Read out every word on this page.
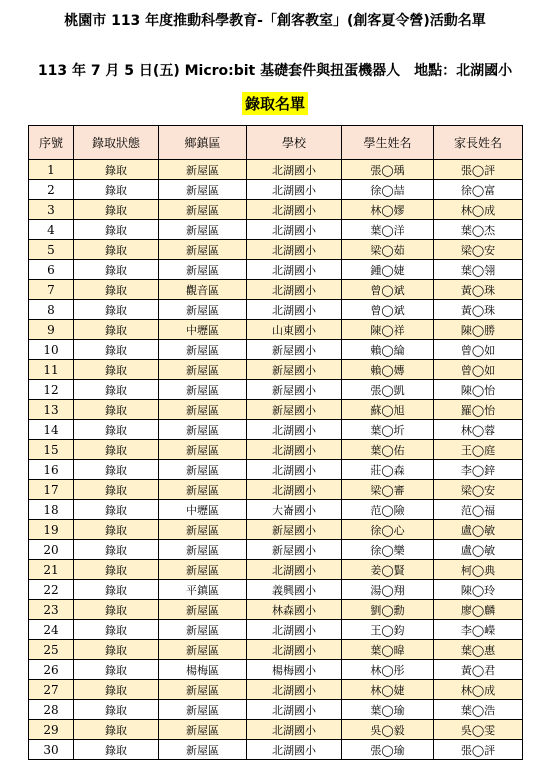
桃園市 113 年度推動科學教育-「創客教室」(創客夏令營)活動名單
113 年 7 月 5 日(五) Micro:bit 基礎套件與扭蛋機器人　地點：北湖國小
錄取名單
序號	錄取狀態	鄉鎮區	學校	學生姓名	家長姓名
1	錄取	新屋區	北湖國小	張◯瑀	張◯評
2	錄取	新屋區	北湖國小	徐◯喆	徐◯富
3	錄取	新屋區	北湖國小	林◯嫪	林◯成
4	錄取	新屋區	北湖國小	葉◯洋	葉◯杰
5	錄取	新屋區	北湖國小	梁◯茹	梁◯安
6	錄取	新屋區	北湖國小	鍾◯婕	葉◯翎
7	錄取	觀音區	北湖國小	曾◯斌	黃◯珠
8	錄取	新屋區	北湖國小	曾◯斌	黃◯珠
9	錄取	中壢區	山東國小	陳◯祥	陳◯勝
10	錄取	新屋區	新屋國小	賴◯綸	曾◯如
11	錄取	新屋區	新屋國小	賴◯嫥	曾◯如
12	錄取	新屋區	新屋國小	張◯凱	陳◯怡
13	錄取	新屋區	新屋國小	蘇◯旭	羅◯怡
14	錄取	新屋區	北湖國小	葉◯圻	林◯蓉
15	錄取	新屋區	北湖國小	葉◯佑	王◯庭
16	錄取	新屋區	北湖國小	莊◯森	李◯鋅
17	錄取	新屋區	北湖國小	梁◯審	梁◯安
18	錄取	中壢區	大崙國小	范◯險	范◯福
19	錄取	新屋區	新屋國小	徐◯心	盧◯敏
20	錄取	新屋區	新屋國小	徐◯樂	盧◯敏
21	錄取	新屋區	北湖國小	姜◯賢	柯◯典
22	錄取	平鎮區	義興國小	湯◯翔	陳◯玲
23	錄取	新屋區	林森國小	劉◯勳	廖◯麟
24	錄取	新屋區	北湖國小	王◯鈞	李◯嶸
25	錄取	新屋區	北湖國小	葉◯暐	葉◯惠
26	錄取	楊梅區	楊梅國小	林◯彤	黃◯君
27	錄取	新屋區	北湖國小	林◯婕	林◯成
28	錄取	新屋區	北湖國小	葉◯瑜	葉◯浩
29	錄取	新屋區	北湖國小	吳◯毅	吳◯雯
30	錄取	新屋區	北湖國小	張◯瑜	張◯評
